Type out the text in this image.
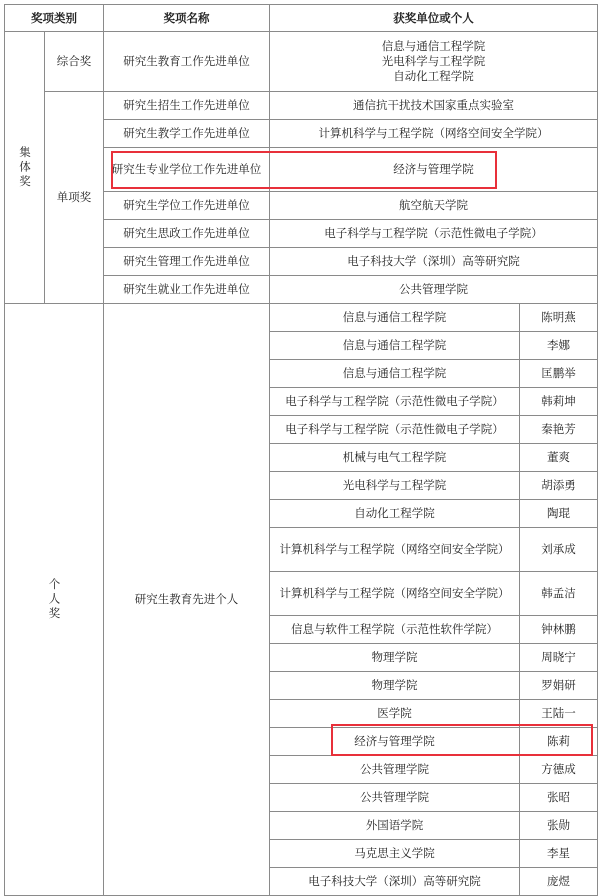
奖项类别		奖项名称	获奖单位或个人	
集体奖	综合奖	研究生教育工作先进单位	信息与通信工程学院
光电科学与工程学院
自动化工程学院	

	单项奖	研究生招生工作先进单位	通信抗干扰技术国家重点实验室	
		研究生教学工作先进单位	计算机科学与工程学院（网络空间安全学院）	
		研究生专业学位工作先进单位	经济与管理学院	
		研究生学位工作先进单位	航空航天学院	
		研究生思政工作先进单位	电子科学与工程学院（示范性微电子学院）	
		研究生管理工作先进单位	电子科技大学（深圳）高等研究院	
		研究生就业工作先进单位	公共管理学院	
个人奖		研究生教育先进个人	信息与通信工程学院	陈明燕
			信息与通信工程学院	李娜
			信息与通信工程学院	匡鹏举
			电子科学与工程学院（示范性微电子学院）	韩莉坤
			电子科学与工程学院（示范性微电子学院）	秦艳芳
			机械与电气工程学院	董爽
			光电科学与工程学院	胡添勇
			自动化工程学院	陶琨
			计算机科学与工程学院（网络空间安全学院）	刘承成
			计算机科学与工程学院（网络空间安全学院）	韩孟洁
			信息与软件工程学院（示范性软件学院）	钟林鹏
			物理学院	周晓宁
			物理学院	罗娟研
			医学院	王陆一
			经济与管理学院	陈莉
			公共管理学院	方德成
			公共管理学院	张昭
			外国语学院	张勋
			马克思主义学院	李星
			电子科技大学（深圳）高等研究院	庞煜
